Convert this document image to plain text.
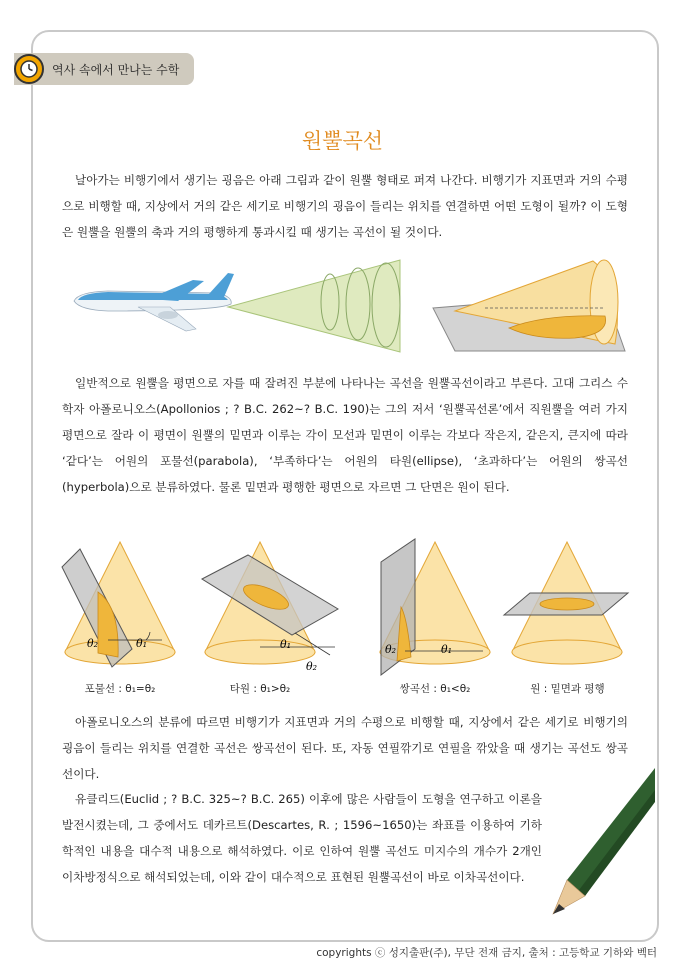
역사 속에서 만나는 수학
원뿔곡선

날아가는 비행기에서 생기는 굉음은 아래 그림과 같이 원뿔 형태로 퍼져 나간다. 비행기가 지표면과 거의 수평으로 비행할 때, 지상에서 거의 같은 세기로 비행기의 굉음이 들리는 위치를 연결하면 어떤 도형이 될까? 이 도형은 원뿔을 원뿔의 축과 거의 평행하게 통과시킬 때 생기는 곡선이 될 것이다.

일반적으로 원뿔을 평면으로 자를 때 잘려진 부분에 나타나는 곡선을 원뿔곡선이라고 부른다. 고대 그리스 수학자 아폴로니오스(Apollonios ; ? B.C. 262~? B.C. 190)는 그의 저서 ‘원뿔곡선론’에서 직원뿔을 여러 가지 평면으로 잘라 이 평면이 원뿔의 밑면과 이루는 각이 모선과 밑면이 이루는 각보다 작은지, 같은지, 큰지에 따라 ‘같다’는 어원의 포물선(parabola), ‘부족하다’는 어원의 타원(ellipse), ‘초과하다’는 어원의 쌍곡선(hyperbola)으로 분류하였다. 물론 밑면과 평행한 평면으로 자르면 그 단면은 원이 된다.

θ₂	θ₁
포물선 : θ₁=θ₂
θ₁
θ₂
타원 : θ₁>θ₂
θ₂	θ₁
쌍곡선 : θ₁<θ₂	원 : 밑면과 평행

아폴로니오스의 분류에 따르면 비행기가 지표면과 거의 수평으로 비행할 때, 지상에서 같은 세기로 비행기의 굉음이 들리는 위치를 연결한 곡선은 쌍곡선이 된다. 또, 자동 연필깎기로 연필을 깎았을 때 생기는 곡선도 쌍곡선이다.

유클리드(Euclid ; ? B.C. 325~? B.C. 265) 이후에 많은 사람들이 도형을 연구하고 이론을 발전시켰는데, 그 중에서도 데카르트(Descartes, R. ; 1596~1650)는 좌표를 이용하여 기하학적인 내용을 대수적 내용으로 해석하였다. 이로 인하여 원뿔 곡선도 미지수의 개수가 2개인 이차방정식으로 해석되었는데, 이와 같이 대수적으로 표현된 원뿔곡선이 바로 이차곡선이다.

copyrights ⓒ 성지출판(주), 무단 전재 금지, 출처 : 고등학교 기하와 벡터
